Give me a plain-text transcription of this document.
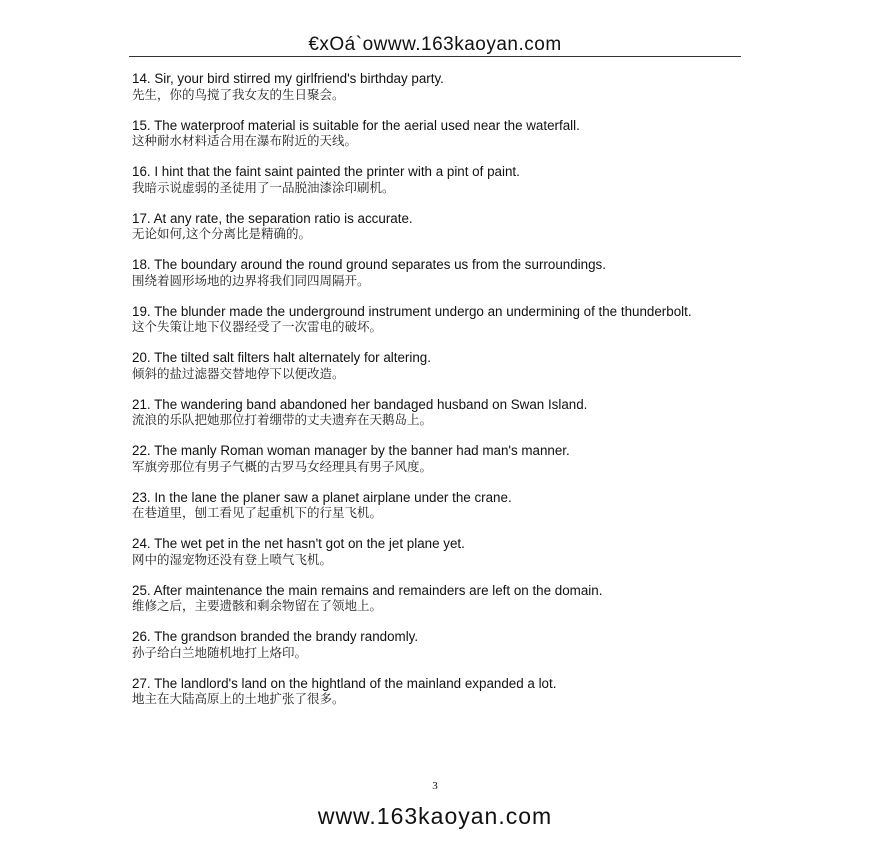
€xOá`owww.163kaoyan.com
14. Sir, your bird stirred my girlfriend's birthday party.
先生，你的鸟搅了我女友的生日聚会。
15. The waterproof material is suitable for the aerial used near the waterfall.
这种耐水材料适合用在瀑布附近的天线。
16. I hint that the faint saint painted the printer with a pint of paint.
我暗示说虚弱的圣徒用了一品脱油漆涂印刷机。
17. At any rate, the separation ratio is accurate.
无论如何,这个分离比是精确的。
18. The boundary around the round ground separates us from the surroundings.
围绕着圆形场地的边界将我们同四周隔开。
19. The blunder made the underground instrument undergo an undermining of the thunderbolt.
这个失策让地下仪器经受了一次雷电的破坏。
20. The tilted salt filters halt alternately for altering.
倾斜的盐过滤器交替地停下以便改造。
21. The wandering band abandoned her bandaged husband on Swan Island.
流浪的乐队把她那位打着绷带的丈夫遗弃在天鹅岛上。
22. The manly Roman woman manager by the banner had man's manner.
军旗旁那位有男子气概的古罗马女经理具有男子风度。
23. In the lane the planer saw a planet airplane under the crane.
在巷道里，刨工看见了起重机下的行星飞机。
24. The wet pet in the net hasn't got on the jet plane yet.
网中的湿宠物还没有登上喷气飞机。
25. After maintenance the main remains and remainders are left on the domain.
维修之后，主要遗骸和剩余物留在了领地上。
26. The grandson branded the brandy randomly.
孙子给白兰地随机地打上烙印。
27. The landlord's land on the hightland of the mainland expanded a lot.
地主在大陆高原上的土地扩张了很多。
3
www.163kaoyan.com
